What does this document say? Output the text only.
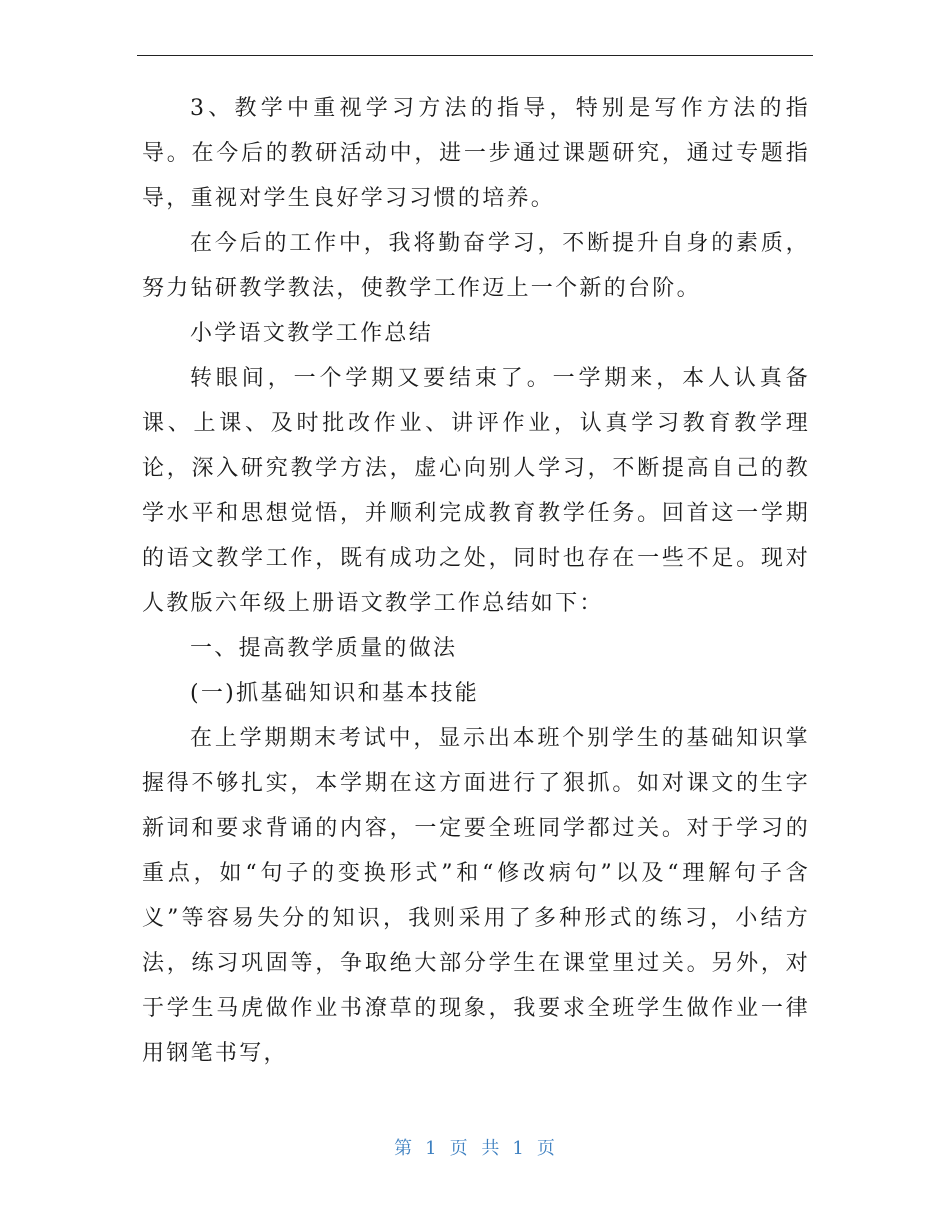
3、教学中重视学习方法的指导，特别是写作方法的指导。在今后的教研活动中，进一步通过课题研究，通过专题指导，重视对学生良好学习习惯的培养。

在今后的工作中，我将勤奋学习，不断提升自身的素质，努力钻研教学教法，使教学工作迈上一个新的台阶。

小学语文教学工作总结

转眼间，一个学期又要结束了。一学期来，本人认真备课、上课、及时批改作业、讲评作业，认真学习教育教学理论，深入研究教学方法，虚心向别人学习，不断提高自己的教学水平和思想觉悟，并顺利完成教育教学任务。回首这一学期的语文教学工作，既有成功之处，同时也存在一些不足。现对人教版六年级上册语文教学工作总结如下：

一、提高教学质量的做法

(一)抓基础知识和基本技能

在上学期期末考试中，显示出本班个别学生的基础知识掌握得不够扎实，本学期在这方面进行了狠抓。如对课文的生字新词和要求背诵的内容，一定要全班同学都过关。对于学习的重点，如“句子的变换形式”和“修改病句”以及“理解句子含义”等容易失分的知识，我则采用了多种形式的练习，小结方法，练习巩固等，争取绝大部分学生在课堂里过关。另外，对于学生马虎做作业书潦草的现象，我要求全班学生做作业一律用钢笔书写，

第 1 页 共 1 页
